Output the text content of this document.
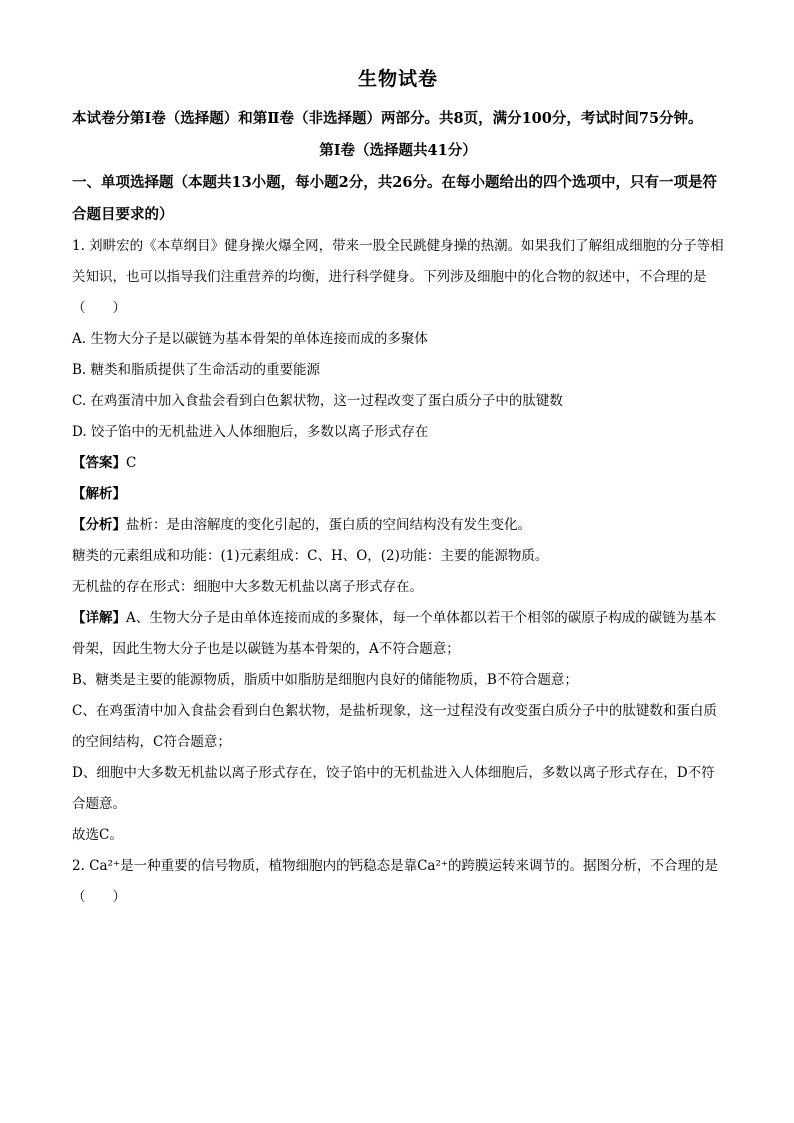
生物试卷

本试卷分第Ⅰ卷（选择题）和第Ⅱ卷（非选择题）两部分。共8页，满分100分，考试时间75分钟。

第Ⅰ卷（选择题共41分）

一、单项选择题（本题共13小题，每小题2分，共26分。在每小题给出的四个选项中，只有一项是符合题目要求的）

1. 刘畊宏的《本草纲目》健身操火爆全网，带来一股全民跳健身操的热潮。如果我们了解组成细胞的分子等相关知识，也可以指导我们注重营养的均衡，进行科学健身。下列涉及细胞中的化合物的叙述中，不合理的是（　　）

A. 生物大分子是以碳链为基本骨架的单体连接而成的多聚体

B. 糖类和脂质提供了生命活动的重要能源

C. 在鸡蛋清中加入食盐会看到白色絮状物，这一过程改变了蛋白质分子中的肽键数

D. 饺子馅中的无机盐进入人体细胞后，多数以离子形式存在

【答案】C

【解析】

【分析】盐析：是由溶解度的变化引起的，蛋白质的空间结构没有发生变化。

糖类的元素组成和功能：(1)元素组成：C、H、O，(2)功能：主要的能源物质。

无机盐的存在形式：细胞中大多数无机盐以离子形式存在。

【详解】A、生物大分子是由单体连接而成的多聚体，每一个单体都以若干个相邻的碳原子构成的碳链为基本骨架，因此生物大分子也是以碳链为基本骨架的，A不符合题意；

B、糖类是主要的能源物质，脂质中如脂肪是细胞内良好的储能物质，B不符合题意；

C、在鸡蛋清中加入食盐会看到白色絮状物，是盐析现象，这一过程没有改变蛋白质分子中的肽键数和蛋白质的空间结构，C符合题意；

D、细胞中大多数无机盐以离子形式存在，饺子馅中的无机盐进入人体细胞后，多数以离子形式存在，D不符合题意。

故选C。

2. Ca²⁺是一种重要的信号物质，植物细胞内的钙稳态是靠Ca²⁺的跨膜运转来调节的。据图分析，不合理的是（　　）
